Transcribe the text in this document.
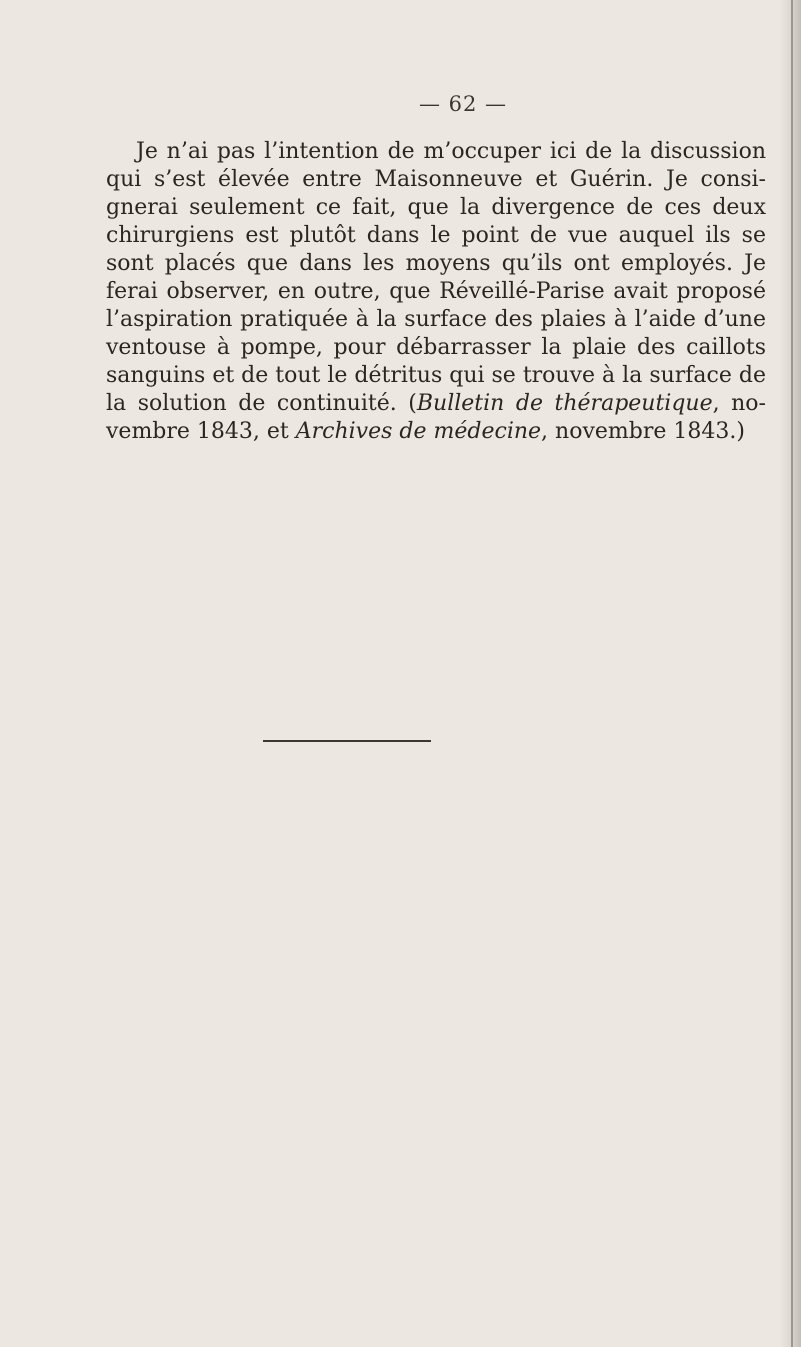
— 62 —
Je n’ai pas l’intention de m’occuper ici de la discussion
qui s’est élevée entre Maisonneuve et Guérin. Je consi-
gnerai seulement ce fait, que la divergence de ces deux
chirurgiens est plutôt dans le point de vue auquel ils se
sont placés que dans les moyens qu’ils ont employés. Je
ferai observer, en outre, que Réveillé-Parise avait proposé
l’aspiration pratiquée à la surface des plaies à l’aide d’une
ventouse à pompe, pour débarrasser la plaie des caillots
sanguins et de tout le détritus qui se trouve à la surface de
la solution de continuité. (Bulletin de thérapeutique, no-
vembre 1843, et Archives de médecine, novembre 1843.)
